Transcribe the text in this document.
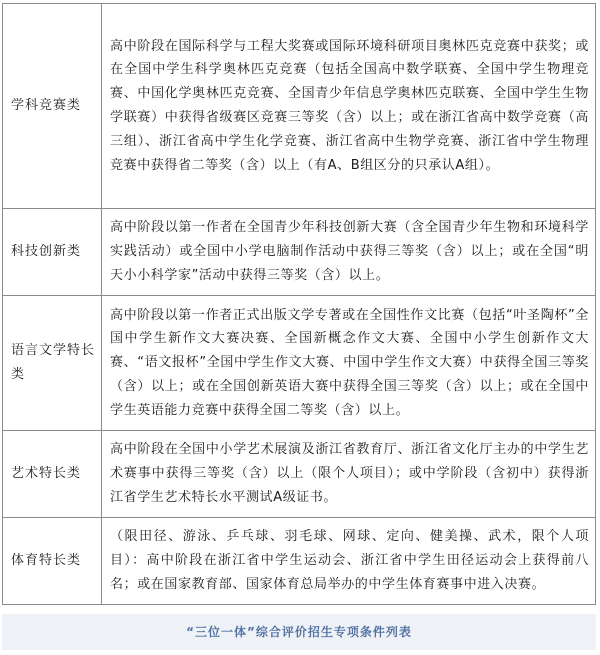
学科竞赛类	高中阶段在国际科学与工程大奖赛或国际环境科研项目奥林匹克竞赛中获奖；或在全国中学生科学奥林匹克竞赛（包括全国高中数学联赛、全国中学生物理竞赛、中国化学奥林匹克竞赛、全国青少年信息学奥林匹克联赛、全国中学生生物学联赛）中获得省级赛区竞赛三等奖（含）以上；或在浙江省高中数学竞赛（高三组）、浙江省高中学生化学竞赛、浙江省高中生物学竞赛、浙江省中学生物理竞赛中获得省二等奖（含）以上（有A、B组区分的只承认A组）。
科技创新类	高中阶段以第一作者在全国青少年科技创新大赛（含全国青少年生物和环境科学实践活动）或全国中小学电脑制作活动中获得三等奖（含）以上；或在全国“明天小小科学家”活动中获得三等奖（含）以上。
语言文学特长类	高中阶段以第一作者正式出版文学专著或在全国性作文比赛（包括“叶圣陶杯”全国中学生新作文大赛决赛、全国新概念作文大赛、全国中小学生创新作文大赛、“语文报杯”全国中学生作文大赛、中国中学生作文大赛）中获得全国三等奖（含）以上；或在全国创新英语大赛中获得全国三等奖（含）以上；或在全国中学生英语能力竞赛中获得全国二等奖（含）以上。
艺术特长类	高中阶段在全国中小学艺术展演及浙江省教育厅、浙江省文化厅主办的中学生艺术赛事中获得三等奖（含）以上（限个人项目）；或中学阶段（含初中）获得浙江省学生艺术特长水平测试A级证书。
体育特长类	（限田径、游泳、乒乓球、羽毛球、网球、定向、健美操、武术，限个人项目）：高中阶段在浙江省中学生运动会、浙江省中学生田径运动会上获得前八名；或在国家教育部、国家体育总局举办的中学生体育赛事中进入决赛。
“三位一体”综合评价招生专项条件列表
